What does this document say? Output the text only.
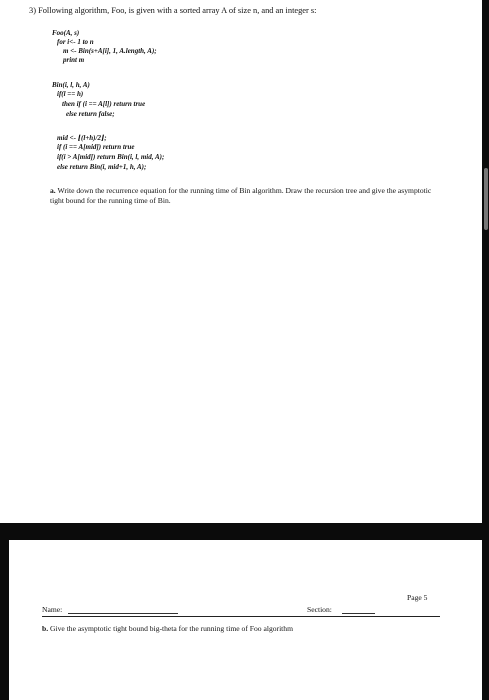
3) Following algorithm, Foo, is given with a sorted array A of size n, and an integer s:
Foo(A, s)
for i<- 1 to n
m <- Bin(s+A[i], 1, A.length, A);
print m
Bin(i, l, h, A)
if(l == h)
then if (i == A[l]) return true
else return false;
mid <- ⌊(l+h)/2⌋;
if (i == A[mid]) return true
if(i > A[mid]) return Bin(i, l, mid, A);
else return Bin(i, mid+1, h, A);
a. Write down the recurrence equation for the running time of Bin algorithm. Draw the recursion tree and give the asymptotic tight bound for the running time of Bin.
Page 5
Name:	Section:
b. Give the asymptotic tight bound big-theta for the running time of Foo algorithm
